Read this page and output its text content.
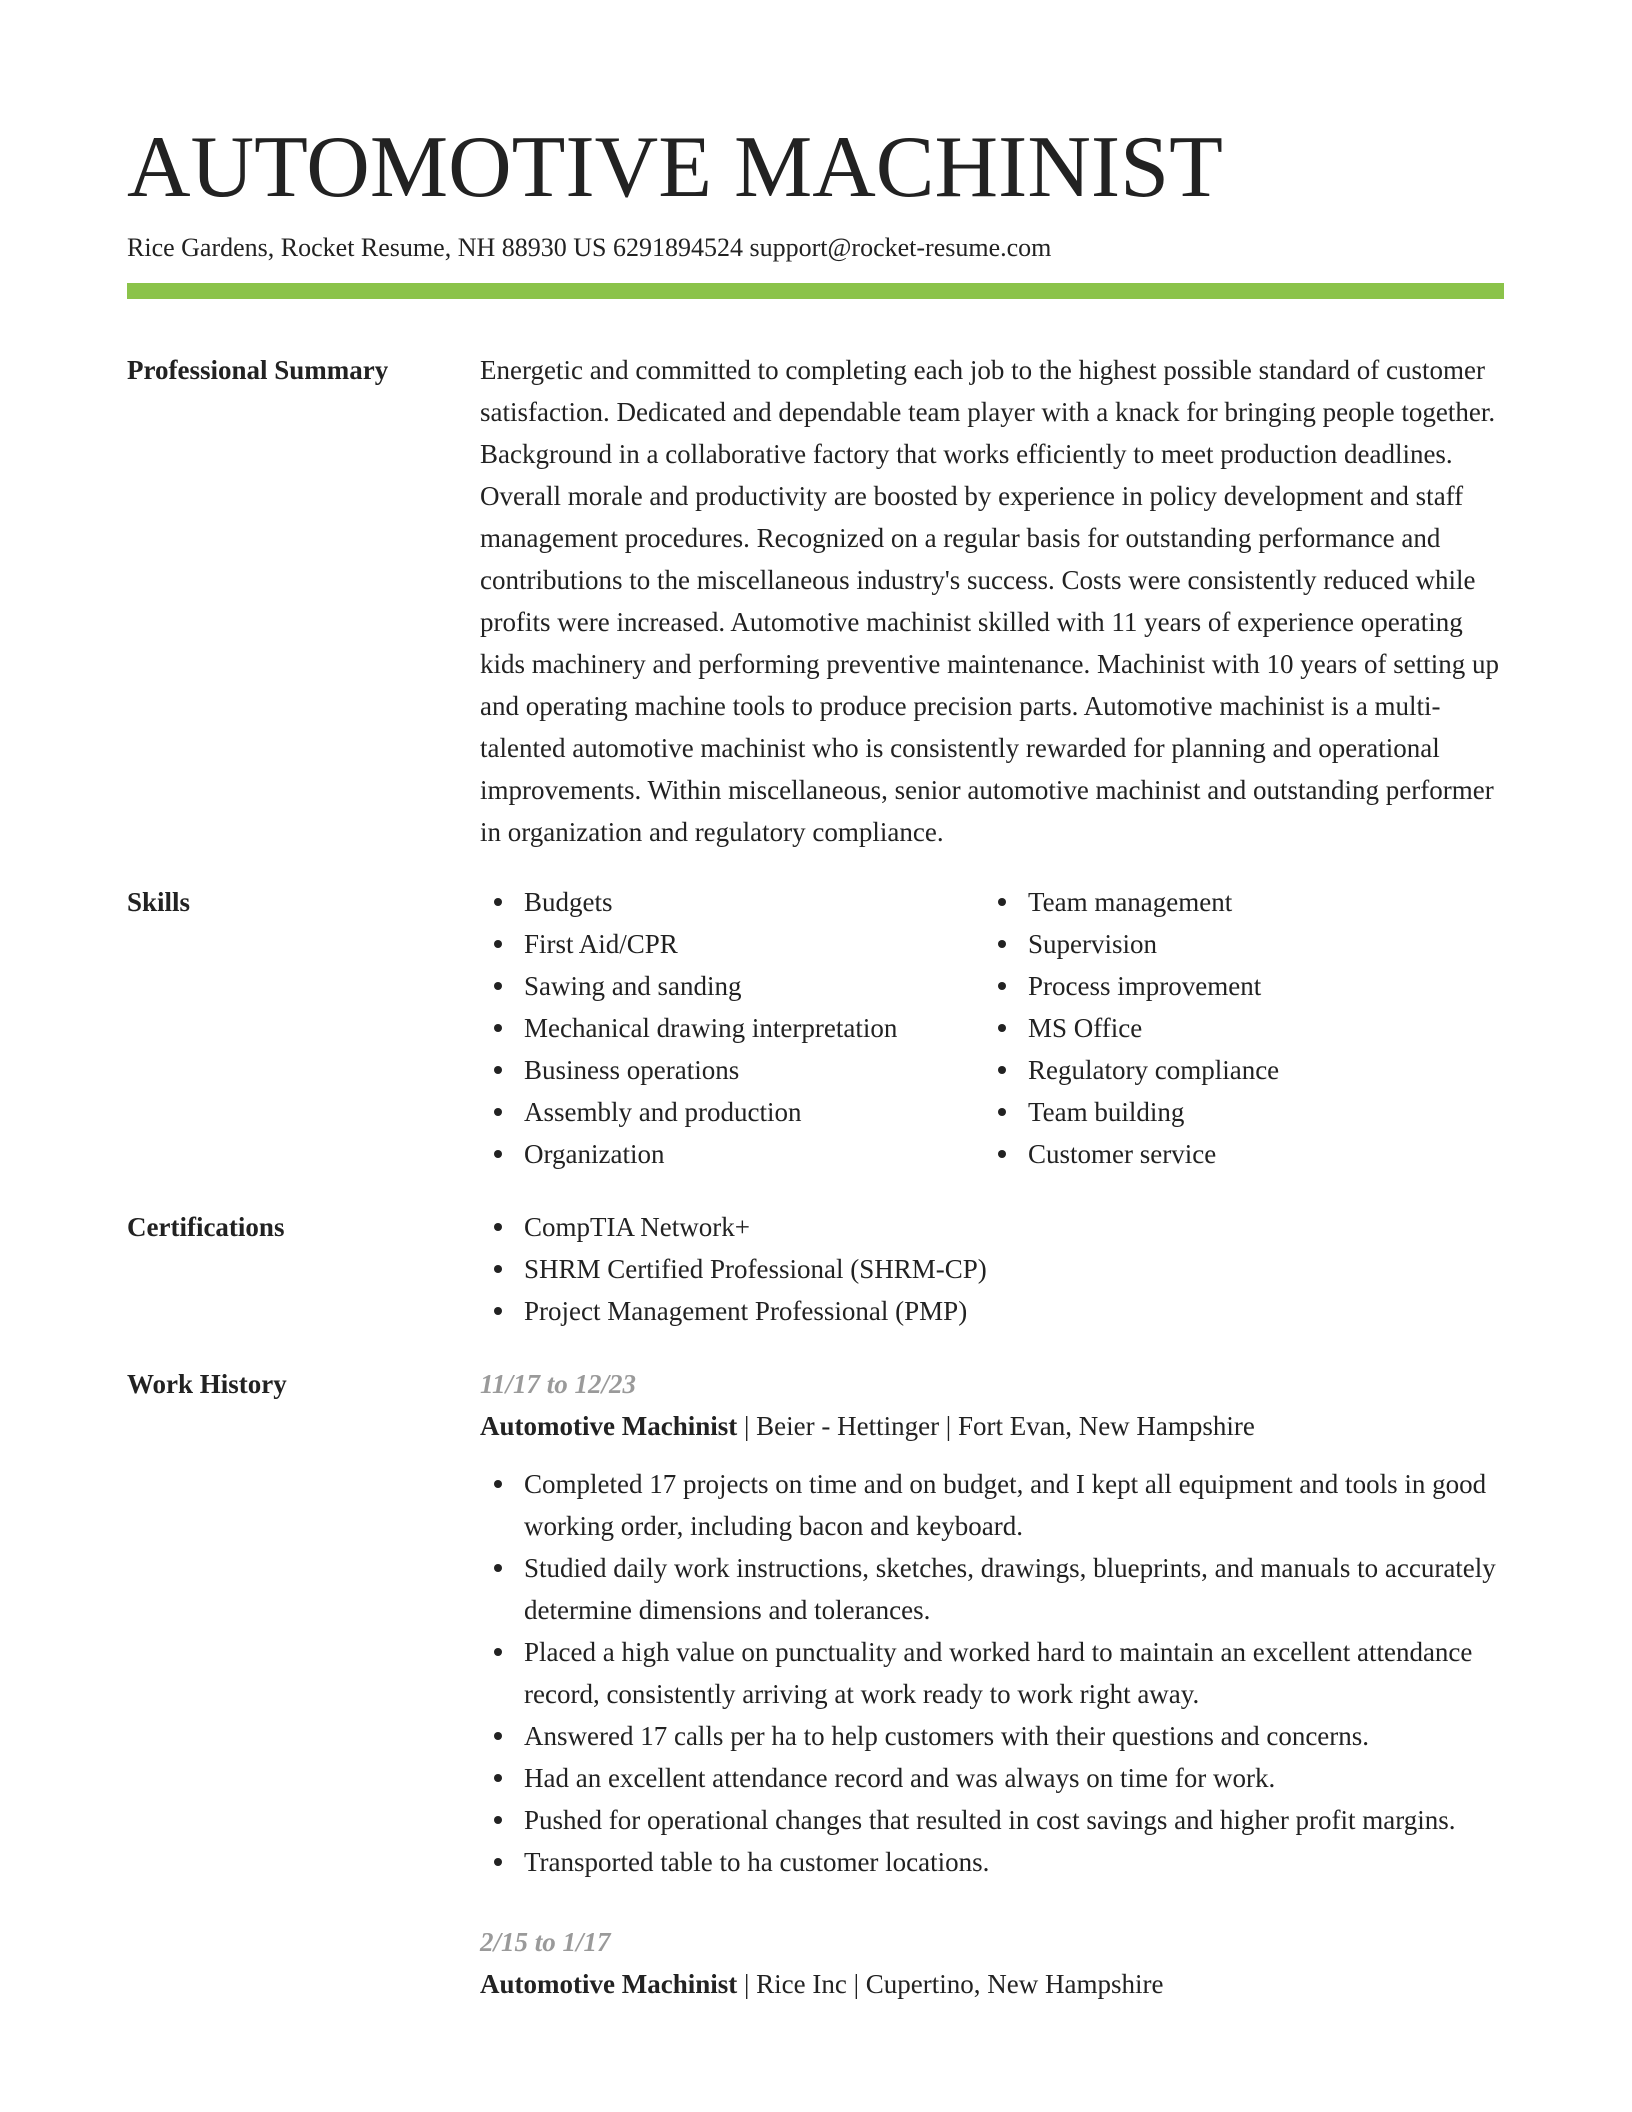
AUTOMOTIVE MACHINIST
Rice Gardens, Rocket Resume, NH 88930 US 6291894524 support@rocket-resume.com
Professional Summary	Energetic and committed to completing each job to the highest possible standard of customer satisfaction. Dedicated and dependable team player with a knack for bringing people together. Background in a collaborative factory that works efficiently to meet production deadlines. Overall morale and productivity are boosted by experience in policy development and staff management procedures. Recognized on a regular basis for outstanding performance and contributions to the miscellaneous industry's success. Costs were consistently reduced while profits were increased. Automotive machinist skilled with 11 years of experience operating kids machinery and performing preventive maintenance. Machinist with 10 years of setting up and operating machine tools to produce precision parts. Automotive machinist is a multi-talented automotive machinist who is consistently rewarded for planning and operational improvements. Within miscellaneous, senior automotive machinist and outstanding performer in organization and regulatory compliance.

Skills	Budgets
First Aid/CPR
Sawing and sanding
Mechanical drawing interpretation
Business operations
Assembly and production
Organization
Team management
Supervision
Process improvement
MS Office
Regulatory compliance
Team building
Customer service
Certifications	CompTIA Network+
SHRM Certified Professional (SHRM-CP)
Project Management Professional (PMP)
Work History	11/17 to 12/23
Automotive Machinist | Beier - Hettinger | Fort Evan, New Hampshire
Completed 17 projects on time and on budget, and I kept all equipment and tools in good working order, including bacon and keyboard.
Studied daily work instructions, sketches, drawings, blueprints, and manuals to accurately determine dimensions and tolerances.
Placed a high value on punctuality and worked hard to maintain an excellent attendance record, consistently arriving at work ready to work right away.
Answered 17 calls per ha to help customers with their questions and concerns.
Had an excellent attendance record and was always on time for work.
Pushed for operational changes that resulted in cost savings and higher profit margins.
Transported table to ha customer locations.
2/15 to 1/17
Automotive Machinist | Rice Inc | Cupertino, New Hampshire
